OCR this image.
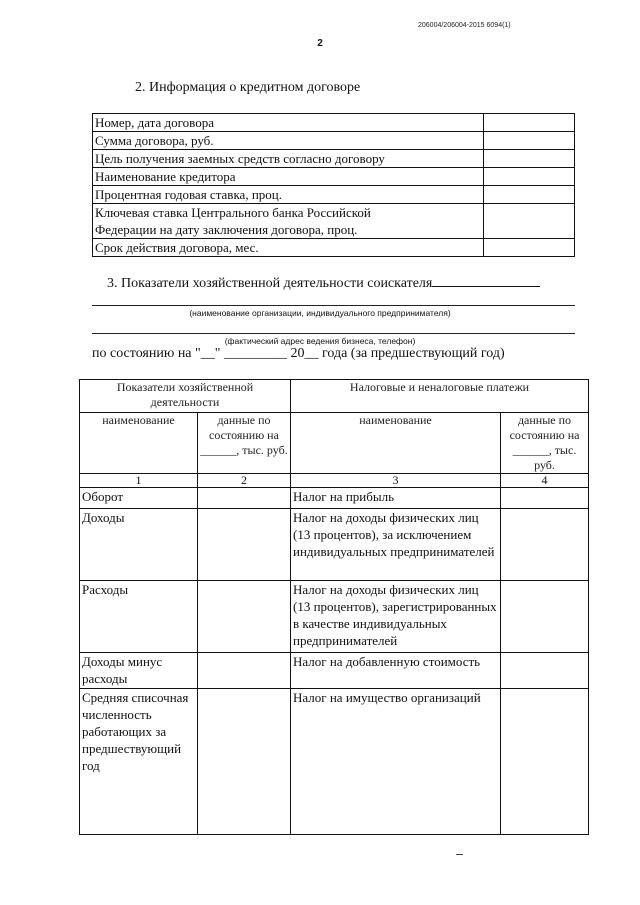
206004/206004-2015 6094(1)
2
2. Информация о кредитном договоре
Номер, дата договора	
Сумма договора, руб.	
Цель получения заемных средств согласно договору	
Наименование кредитора	
Процентная годовая ставка, проц.	
Ключевая ставка Центрального банка Российской Федерации на дату заключения договора, проц.	
Срок действия договора, мес.	
3. Показатели хозяйственной деятельности соискателя
(наименование организации, индивидуального предпринимателя)
(фактический адрес ведения бизнеса, телефон)
по состоянию на "__" _________ 20__ года (за предшествующий год)
Показатели хозяйственной деятельности		Налоговые и неналоговые платежи	
наименование	данные по состоянию на ______, тыс. руб.	наименование	данные по состоянию на ______, тыс. руб.
1	2	3	4
Оборот		Налог на прибыль	
Доходы		Налог на доходы физических лиц (13 процентов), за исключением индивидуальных предпринимателей	
Расходы		Налог на доходы физических лиц (13 процентов), зарегистрированных в качестве индивидуальных предпринимателей	
Доходы минус расходы		Налог на добавленную стоимость	
Средняя списочная численность работающих за предшествующий год		Налог на имущество организаций	
